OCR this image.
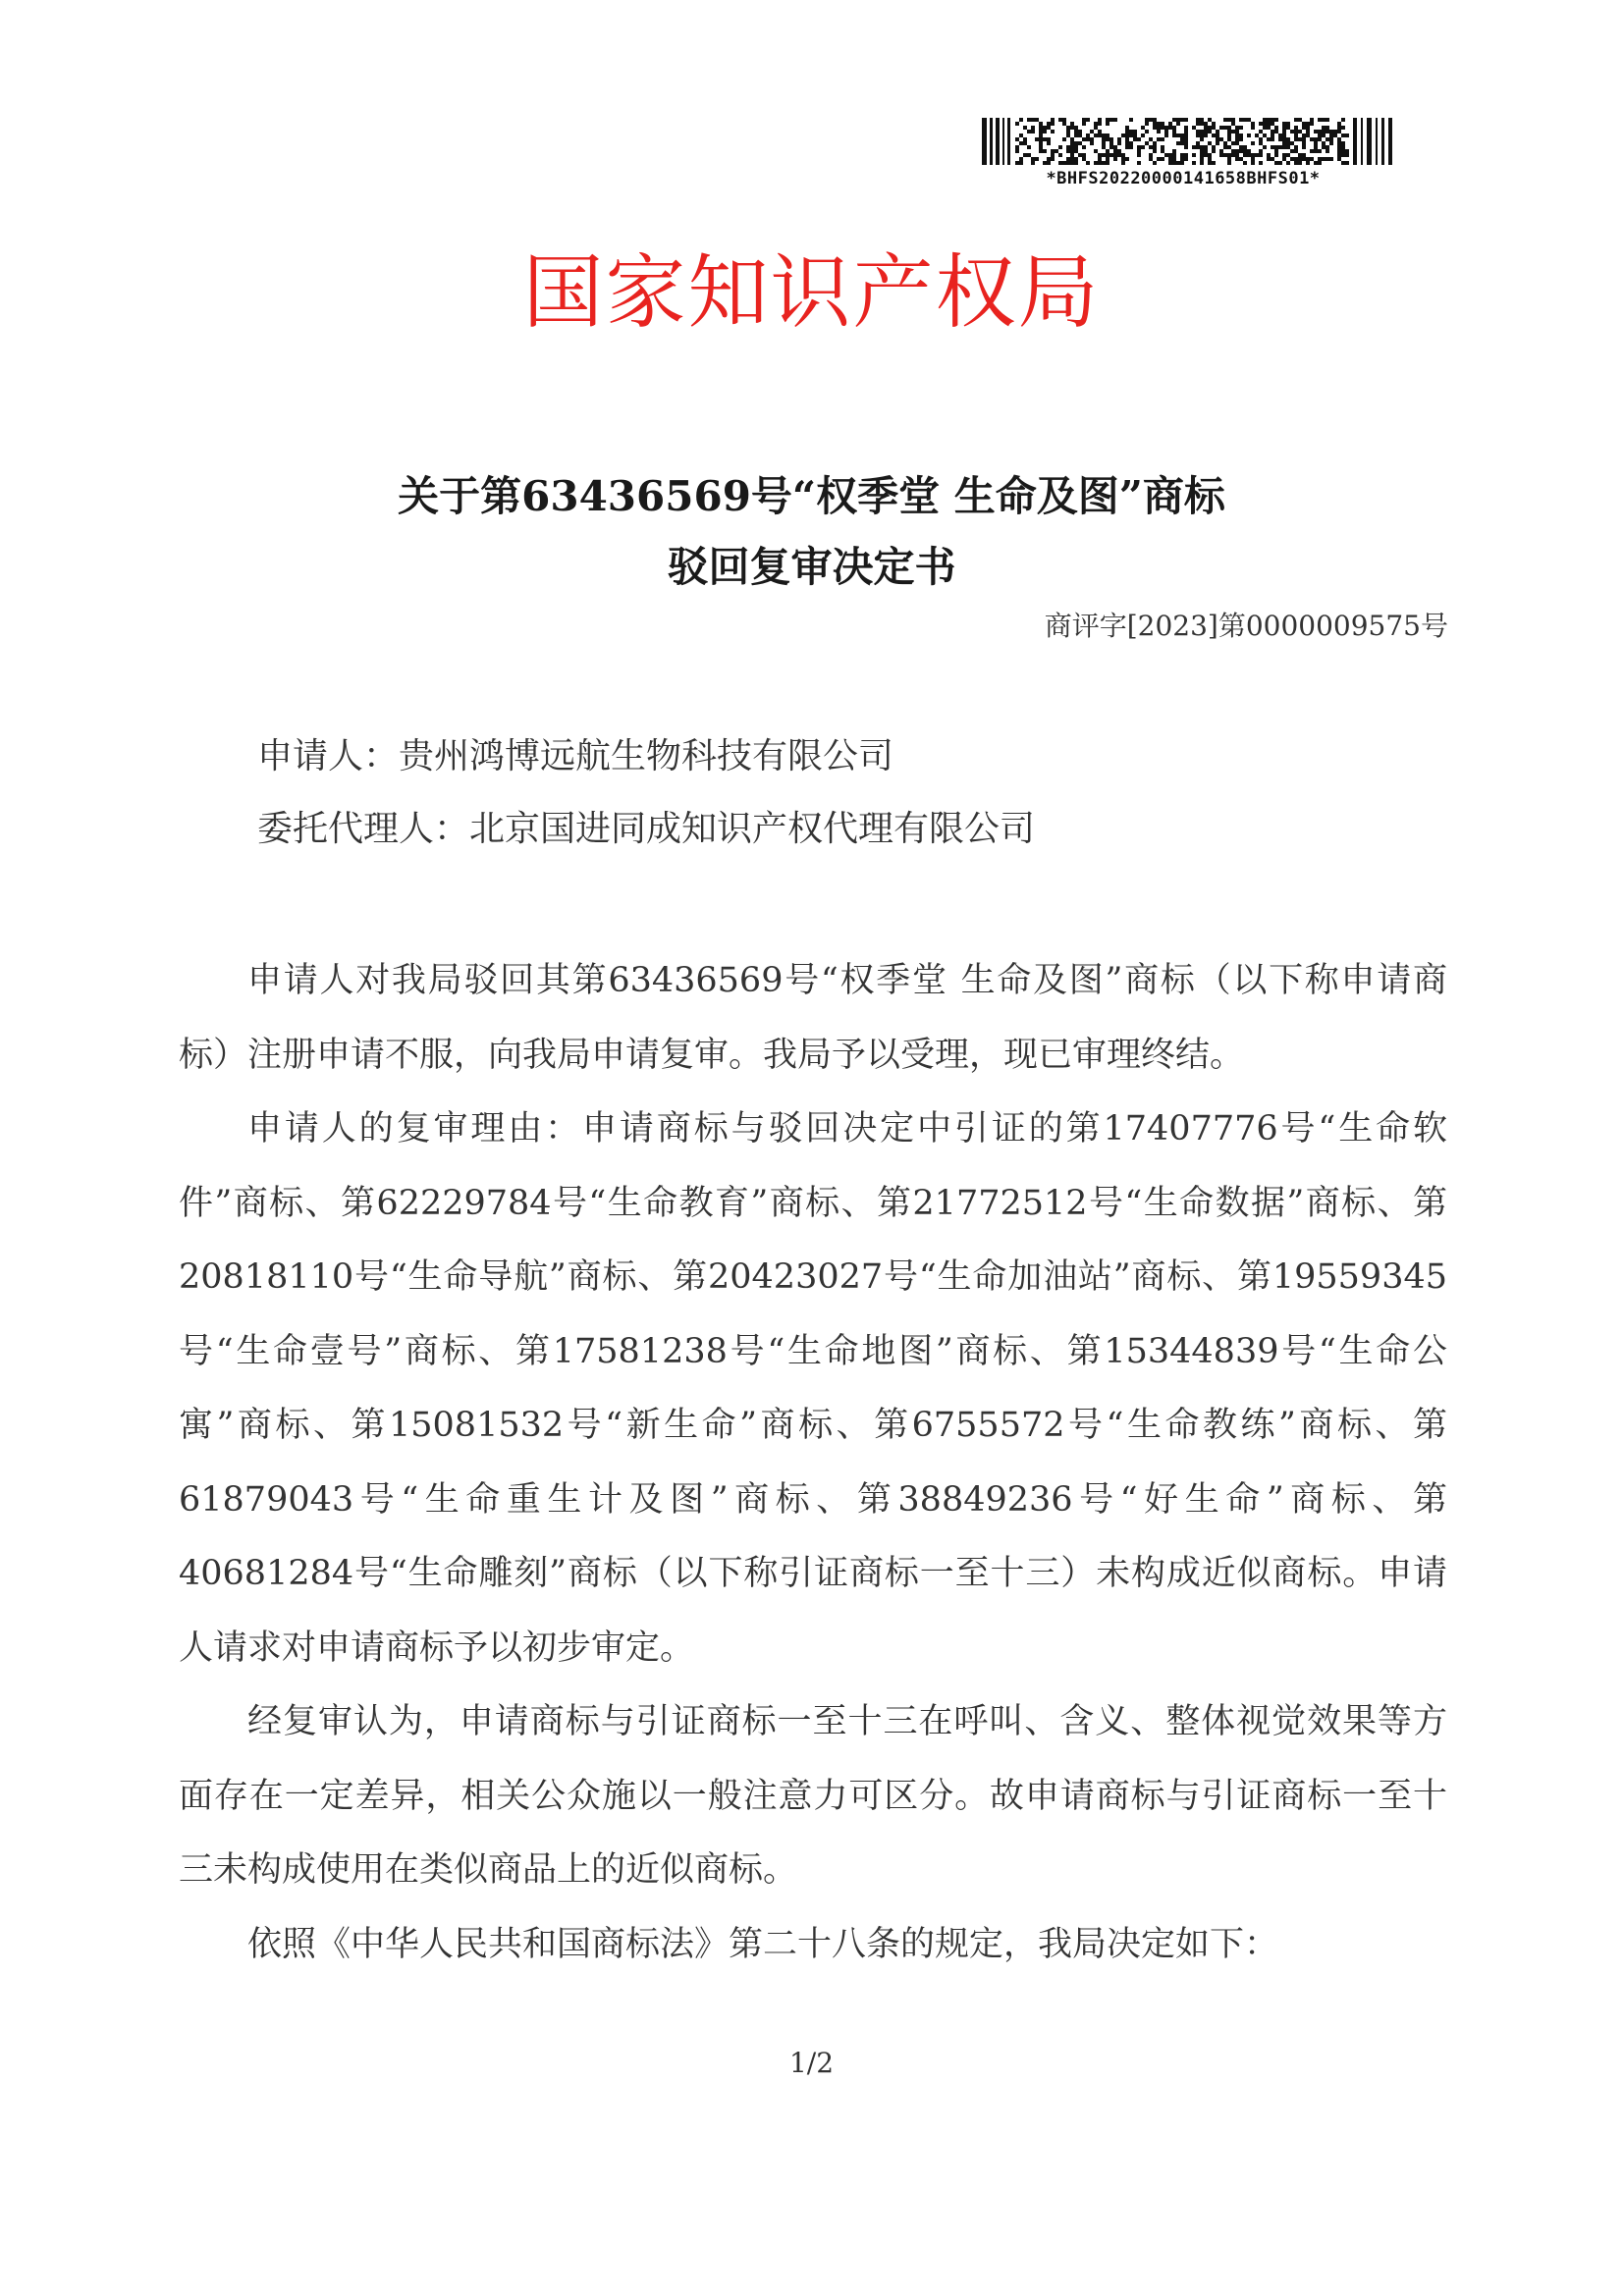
*BHFS20220000141658BHFS01*
国家知识产权局
关于第63436569号“权季堂 生命及图”商标
驳回复审决定书
商评字[2023]第0000009575号
申请人：贵州鸿博远航生物科技有限公司
委托代理人：北京国进同成知识产权代理有限公司

申请人对我局驳回其第63436569号“权季堂 生命及图”商标（以下称申请商标）注册申请不服，向我局申请复审。我局予以受理，现已审理终结。

申请人的复审理由：申请商标与驳回决定中引证的第17407776号“生命软件”商标、第62229784号“生命教育”商标、第21772512号“生命数据”商标、第20818110号“生命导航”商标、第20423027号“生命加油站”商标、第19559345号“生命壹号”商标、第17581238号“生命地图”商标、第15344839号“生命公寓”商标、第15081532号“新生命”商标、第6755572号“生命教练”商标、第61879043号“生命重生计及图”商标、第38849236号“好生命”商标、第40681284号“生命雕刻”商标（以下称引证商标一至十三）未构成近似商标。申请人请求对申请商标予以初步审定。

经复审认为，申请商标与引证商标一至十三在呼叫、含义、整体视觉效果等方面存在一定差异，相关公众施以一般注意力可区分。故申请商标与引证商标一至十三未构成使用在类似商品上的近似商标。

依照《中华人民共和国商标法》第二十八条的规定，我局决定如下：

1/2
